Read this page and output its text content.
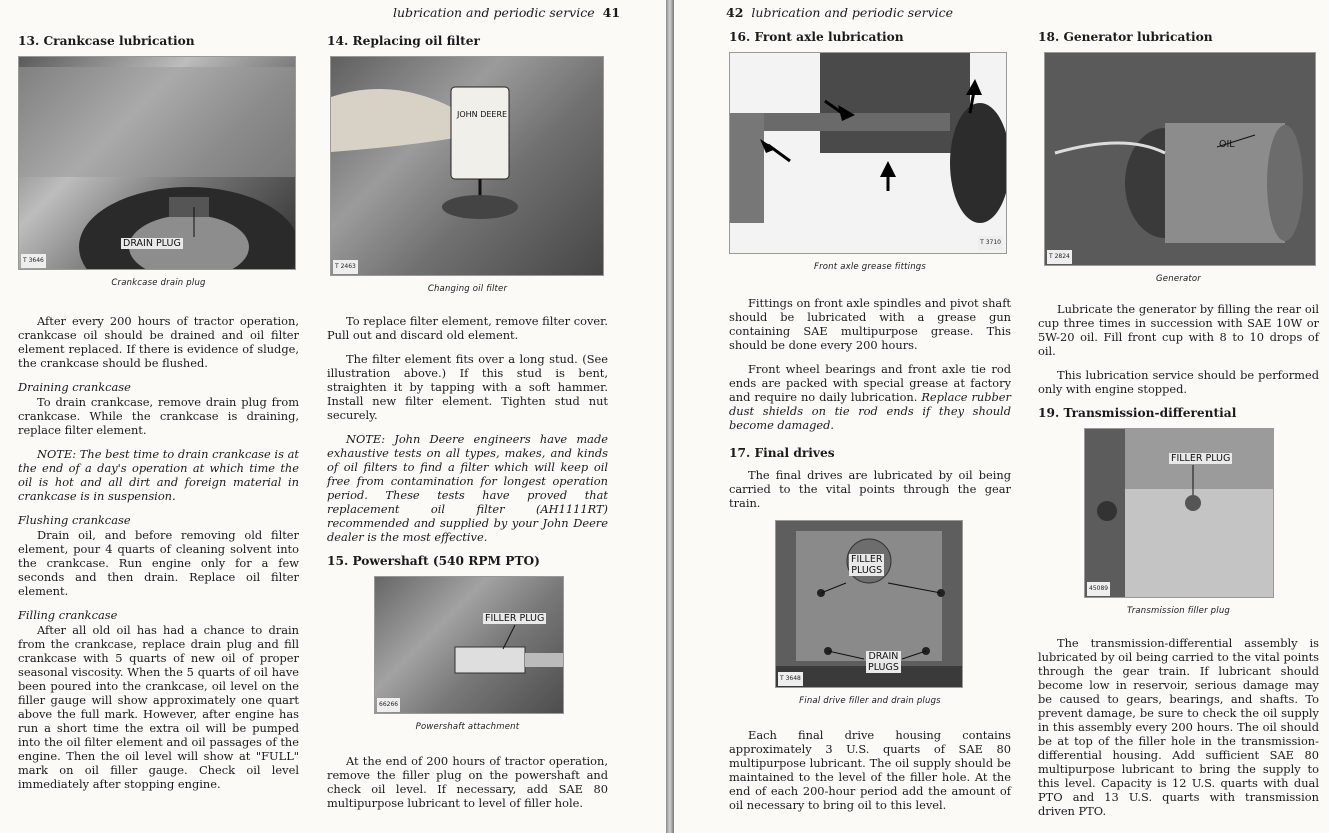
lubrication and periodic service 41
13. Crankcase lubrication
DRAIN PLUG
T 3646
Crankcase drain plug

After every 200 hours of tractor operation, crankcase oil should be drained and oil filter element replaced. If there is evidence of sludge, the crankcase should be flushed.

Draining crankcase

To drain crankcase, remove drain plug from crankcase. While the crankcase is draining, replace filter element.

NOTE: The best time to drain crankcase is at the end of a day's operation at which time the oil is hot and all dirt and foreign material in crankcase is in suspension.

Flushing crankcase

Drain oil, and before removing old filter element, pour 4 quarts of cleaning solvent into the crankcase. Run engine only for a few seconds and then drain. Replace oil filter element.

Filling crankcase

After all old oil has had a chance to drain from the crankcase, replace drain plug and fill crankcase with 5 quarts of new oil of proper seasonal viscosity. When the 5 quarts of oil have been poured into the crankcase, oil level on the filler gauge will show approximately one quart above the full mark. However, after engine has run a short time the extra oil will be pumped into the oil filter element and oil passages of the engine. Then the oil level will show at "FULL" mark on oil filler gauge. Check oil level immediately after stopping engine.

14. Replacing oil filter
JOHN DEERE
T 2463
Changing oil filter

To replace filter element, remove filter cover. Pull out and discard old element.

The filter element fits over a long stud. (See illustration above.) If this stud is bent, straighten it by tapping with a soft hammer. Install new filter element. Tighten stud nut securely.

NOTE: John Deere engineers have made exhaustive tests on all types, makes, and kinds of oil filters to find a filter which will keep oil free from contamination for longest operation period. These tests have proved that replacement oil filter (AH1111RT) recommended and supplied by your John Deere dealer is the most effective.

15. Powershaft (540 RPM PTO)
FILLER PLUG
66266
Powershaft attachment

At the end of 200 hours of tractor operation, remove the filler plug on the powershaft and check oil level. If necessary, add SAE 80 multipurpose lubricant to level of filler hole.

42 lubrication and periodic service
16. Front axle lubrication
T 3710
Front axle grease fittings

Fittings on front axle spindles and pivot shaft should be lubricated with a grease gun containing SAE multipurpose grease. This should be done every 200 hours.

Front wheel bearings and front axle tie rod ends are packed with special grease at factory and require no daily lubrication. Replace rubber dust shields on tie rod ends if they should become damaged.

17. Final drives

The final drives are lubricated by oil being carried to the vital points through the gear train.

FILLER
PLUGS
DRAIN
PLUGS
T 3648
Final drive filler and drain plugs

Each final drive housing contains approximately 3 U.S. quarts of SAE 80 multipurpose lubricant. The oil supply should be maintained to the level of the filler hole. At the end of each 200-hour period add the amount of oil necessary to bring oil to this level.

18. Generator lubrication
OIL
T 2824
Generator

Lubricate the generator by filling the rear oil cup three times in succession with SAE 10W or 5W-20 oil. Fill front cup with 8 to 10 drops of oil.

This lubrication service should be performed only with engine stopped.

19. Transmission-differential
FILLER PLUG
45089
Transmission filler plug

The transmission-differential assembly is lubricated by oil being carried to the vital points through the gear train. If lubricant should become low in reservoir, serious damage may be caused to gears, bearings, and shafts. To prevent damage, be sure to check the oil supply in this assembly every 200 hours. The oil should be at top of the filler hole in the transmission-differential housing. Add sufficient SAE 80 multipurpose lubricant to bring the supply to this level. Capacity is 12 U.S. quarts with dual PTO and 13 U.S. quarts with transmission driven PTO.
